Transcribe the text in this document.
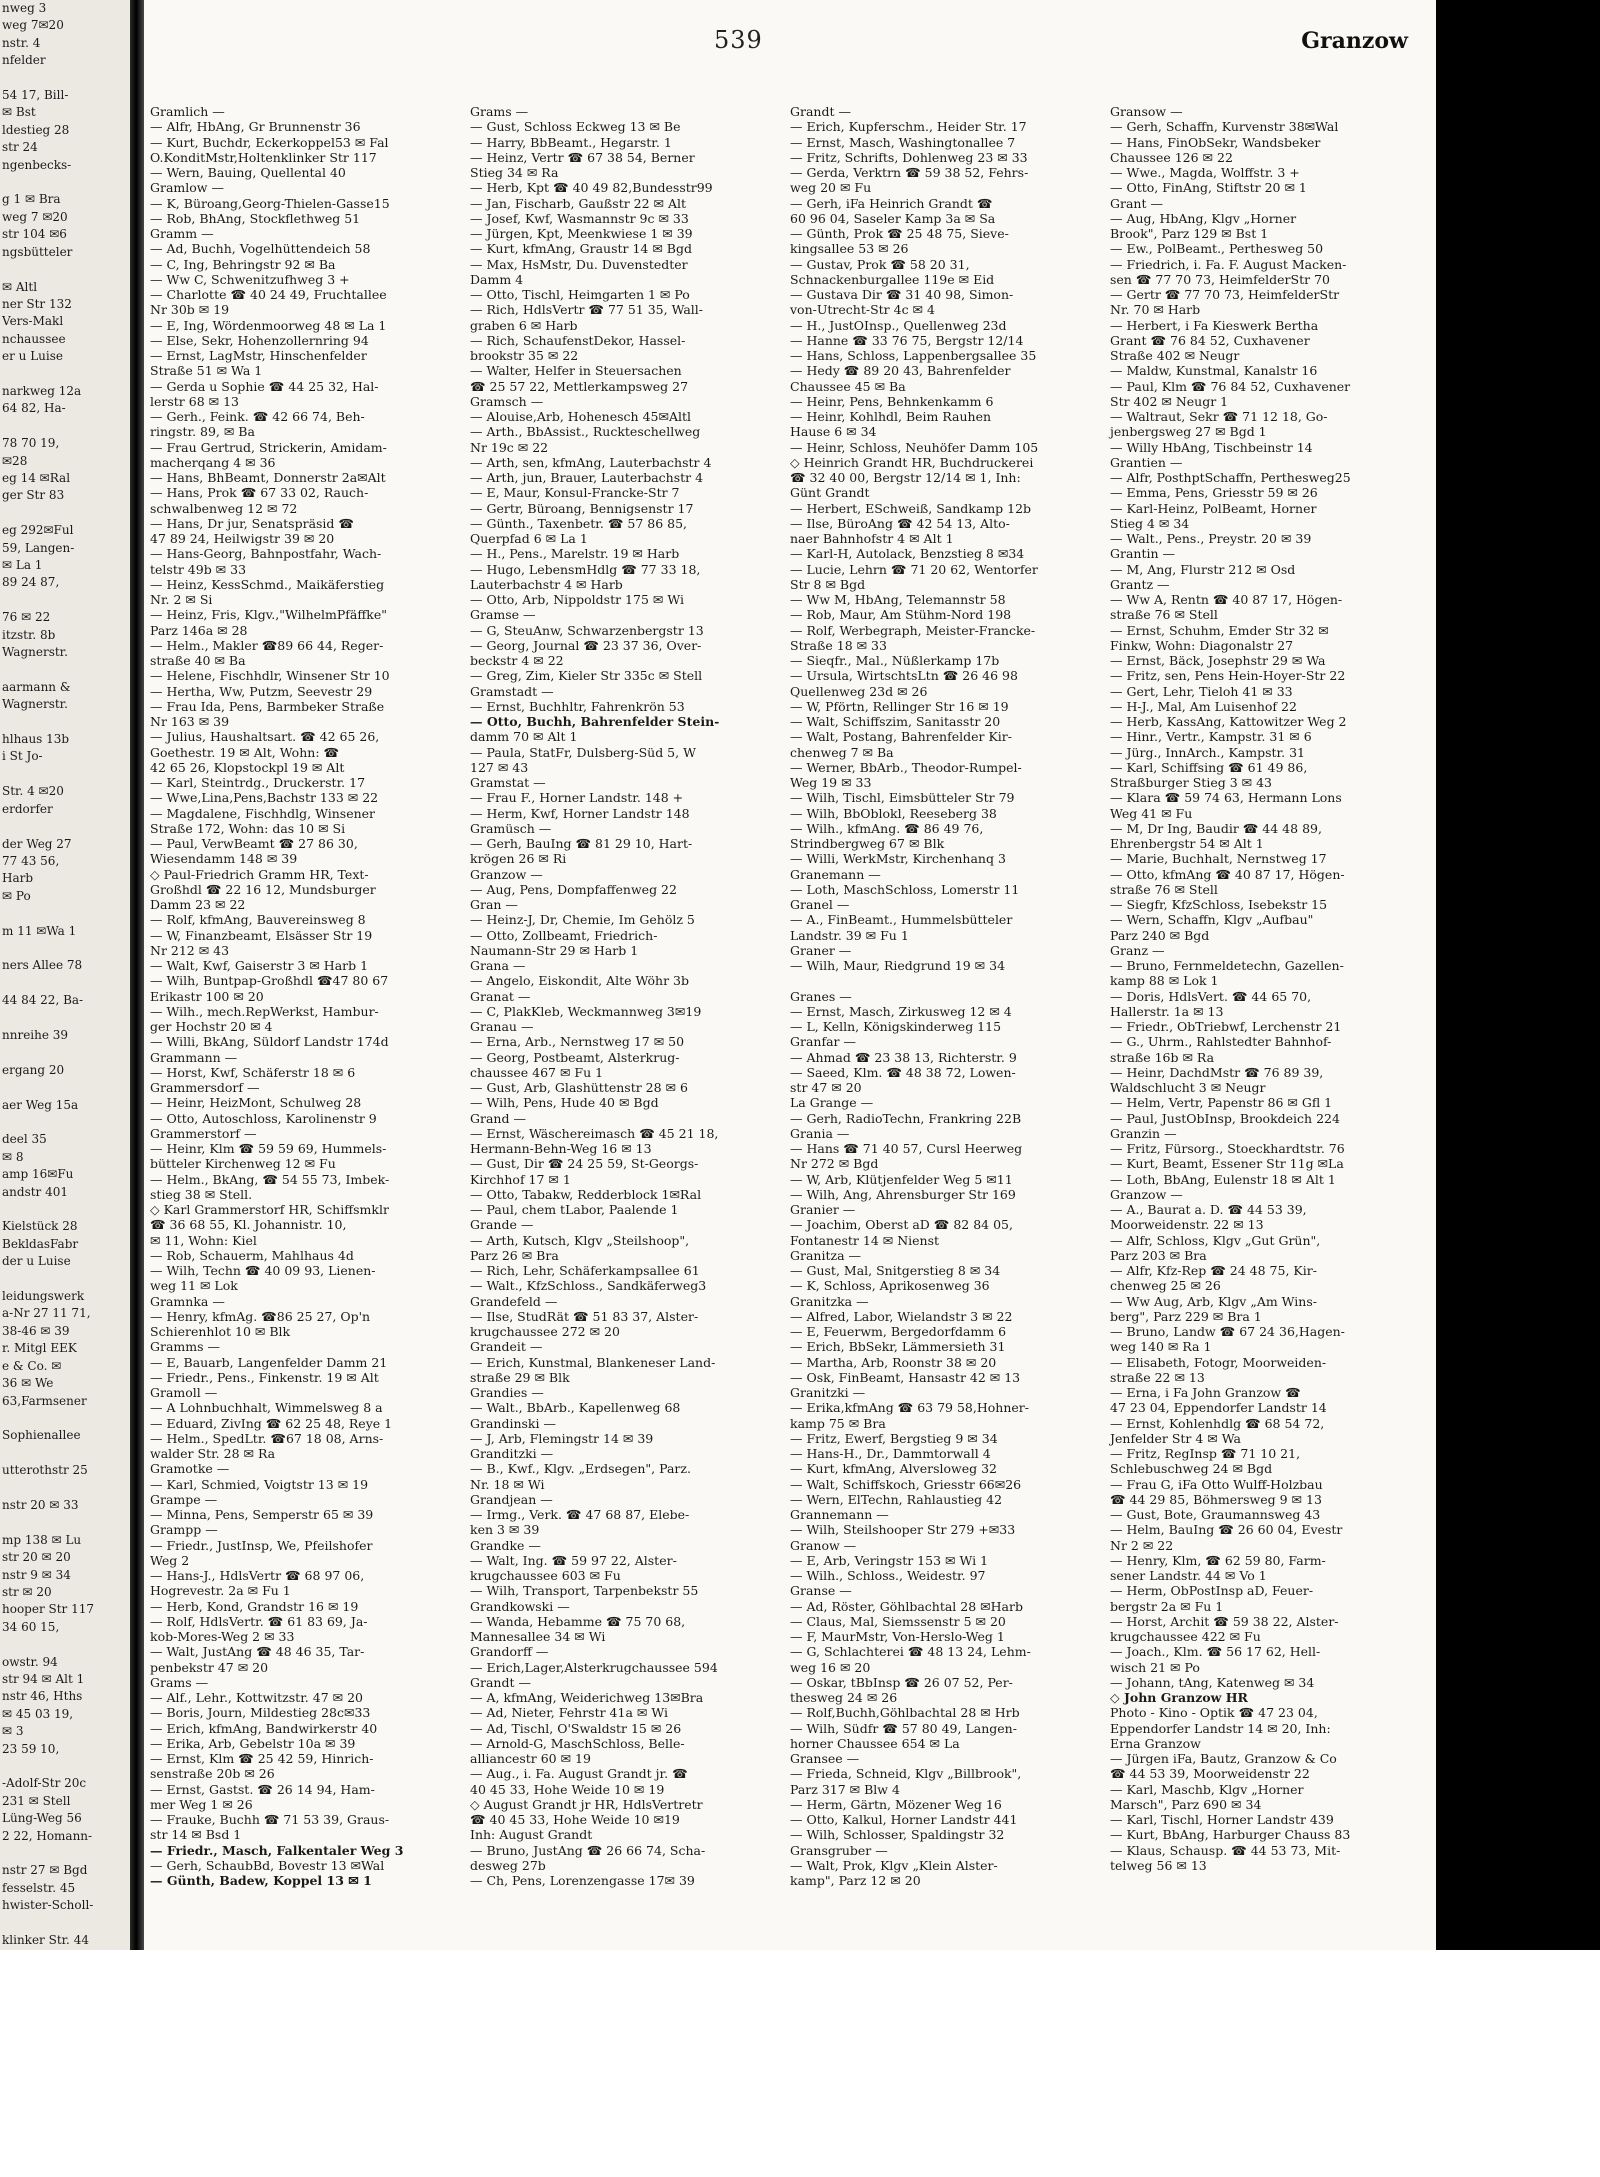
nweg 3
weg 7✉20
nstr. 4
nfelder

54 17, Bill-
✉ Bst
ldestieg 28
str 24
ngenbecks-

g 1 ✉ Bra
weg 7 ✉20
str 104 ✉6
ngsbütteler

✉ Altl
ner Str 132
Vers-Makl
nchaussee
er u Luise

narkweg 12a
64 82, Ha-

78 70 19,
✉28
eg 14 ✉Ral
ger Str 83

eg 292✉Ful
59, Langen-
✉ La 1
89 24 87,

76 ✉ 22
itzstr. 8b
Wagnerstr.

aarmann &
Wagnerstr.

hlhaus 13b
i St Jo-

Str. 4 ✉20
erdorfer

der Weg 27
77 43 56,
Harb
✉ Po

m 11 ✉Wa 1

ners Allee 78

44 84 22, Ba-

nnreihe 39

ergang 20

aer Weg 15a

deel 35
✉ 8
amp 16✉Fu
andstr 401

Kielstück 28
BekldasFabr
der u Luise

leidungswerk
a-Nr 27 11 71,
38-46 ✉ 39
r. Mitgl EEK
e & Co. ✉
36 ✉ We
63,Farmsener

Sophienallee

utterothstr 25

nstr 20 ✉ 33

mp 138 ✉ Lu
str 20 ✉ 20
nstr 9 ✉ 34
str ✉ 20
hooper Str 117
34 60 15,

owstr. 94
str 94 ✉ Alt 1
nstr 46, Hths
✉ 45 03 19,
✉ 3
23 59 10,

-Adolf-Str 20c
231 ✉ Stell
Lüng-Weg 56
2 22, Homann-

nstr 27 ✉ Bgd
fesselstr. 45
hwister-Scholl-

klinker Str. 44
539	Granzow
Gramlich —
— Alfr, HbAng, Gr Brunnenstr 36
— Kurt, Buchdr, Eckerkoppel53 ✉ Fal
O.KonditMstr,Holtenklinker Str 117
— Wern, Bauing, Quellental 40
Gramlow —
— K, Büroang,Georg-Thielen-Gasse15
— Rob, BhAng, Stockflethweg 51
Gramm —
— Ad, Buchh, Vogelhüttendeich 58
— C, Ing, Behringstr 92 ✉ Ba
— Ww C, Schwenitzufhweg 3 +
— Charlotte ☎ 40 24 49, Fruchtallee
Nr 30b ✉ 19
— E, Ing, Wördenmoorweg 48 ✉ La 1
— Else, Sekr, Hohenzollernring 94
— Ernst, LagMstr, Hinschenfelder
Straße 51 ✉ Wa 1
— Gerda u Sophie ☎ 44 25 32, Hal-
lerstr 68 ✉ 13
— Gerh., Feink. ☎ 42 66 74, Beh-
ringstr. 89, ✉ Ba
— Frau Gertrud, Strickerin, Amidam-
macherqang 4 ✉ 36
— Hans, BhBeamt, Donnerstr 2a✉Alt
— Hans, Prok ☎ 67 33 02, Rauch-
schwalbenweg 12 ✉ 72
— Hans, Dr jur, Senatspräsid ☎
47 89 24, Heilwigstr 39 ✉ 20
— Hans-Georg, Bahnpostfahr, Wach-
telstr 49b ✉ 33
— Heinz, KessSchmd., Maikäferstieg
Nr. 2 ✉ Si
— Heinz, Fris, Klgv.,"WilhelmPfäffke"
Parz 146a ✉ 28
— Helm., Makler ☎89 66 44, Reger-
straße 40 ✉ Ba
— Helene, Fischhdlr, Winsener Str 10
— Hertha, Ww, Putzm, Seevestr 29
— Frau Ida, Pens, Barmbeker Straße
Nr 163 ✉ 39
— Julius, Haushaltsart. ☎ 42 65 26,
Goethestr. 19 ✉ Alt, Wohn: ☎
42 65 26, Klopstockpl 19 ✉ Alt
— Karl, Steintrdg., Druckerstr. 17
— Wwe,Lina,Pens,Bachstr 133 ✉ 22
— Magdalene, Fischhdlg, Winsener
Straße 172, Wohn: das 10 ✉ Si
— Paul, VerwBeamt ☎ 27 86 30,
Wiesendamm 148 ✉ 39
◇ Paul-Friedrich Gramm HR, Text-
Großhdl ☎ 22 16 12, Mundsburger
Damm 23 ✉ 22
— Rolf, kfmAng, Bauvereinsweg 8
— W, Finanzbeamt, Elsässer Str 19
Nr 212 ✉ 43
— Walt, Kwf, Gaiserstr 3 ✉ Harb 1
— Wilh, Buntpap-Großhdl ☎47 80 67
Erikastr 100 ✉ 20
— Wilh., mech.RepWerkst, Hambur-
ger Hochstr 20 ✉ 4
— Willi, BkAng, Süldorf Landstr 174d
Grammann —
— Horst, Kwf, Schäferstr 18 ✉ 6
Grammersdorf —
— Heinr, HeizMont, Schulweg 28
— Otto, Autoschloss, Karolinenstr 9
Grammerstorf —
— Heinr, Klm ☎ 59 59 69, Hummels-
bütteler Kirchenweg 12 ✉ Fu
— Helm., BkAng, ☎ 54 55 73, Imbek-
stieg 38 ✉ Stell.
◇ Karl Grammerstorf HR, Schiffsmklr
☎ 36 68 55, Kl. Johannistr. 10,
✉ 11, Wohn: Kiel
— Rob, Schauerm, Mahlhaus 4d
— Wilh, Techn ☎ 40 09 93, Lienen-
weg 11 ✉ Lok
Gramnka —
— Henry, kfmAg. ☎86 25 27, Op'n
Schierenhlot 10 ✉ Blk
Gramms —
— E, Bauarb, Langenfelder Damm 21
— Friedr., Pens., Finkenstr. 19 ✉ Alt
Gramoll —
— A Lohnbuchhalt, Wimmelsweg 8 a
— Eduard, ZivIng ☎ 62 25 48, Reye 1
— Helm., SpedLtr. ☎67 18 08, Arns-
walder Str. 28 ✉ Ra
Gramotke —
— Karl, Schmied, Voigtstr 13 ✉ 19
Grampe —
— Minna, Pens, Semperstr 65 ✉ 39
Grampp —
— Friedr., JustInsp, We, Pfeilshofer
Weg 2
— Hans-J., HdlsVertr ☎ 68 97 06,
Hogrevestr. 2a ✉ Fu 1
— Herb, Kond, Grandstr 16 ✉ 19
— Rolf, HdlsVertr. ☎ 61 83 69, Ja-
kob-Mores-Weg 2 ✉ 33
— Walt, JustAng ☎ 48 46 35, Tar-
penbekstr 47 ✉ 20
Grams —
— Alf., Lehr., Kottwitzstr. 47 ✉ 20
— Boris, Journ, Mildestieg 28c✉33
— Erich, kfmAng, Bandwirkerstr 40
— Erika, Arb, Gebelstr 10a ✉ 39
— Ernst, Klm ☎ 25 42 59, Hinrich-
senstraße 20b ✉ 26
— Ernst, Gastst. ☎ 26 14 94, Ham-
mer Weg 1 ✉ 26
— Frauke, Buchh ☎ 71 53 39, Graus-
str 14 ✉ Bsd 1
— Friedr., Masch, Falkentaler Weg 3
— Gerh, SchaubBd, Bovestr 13 ✉Wal
— Günth, Badew, Koppel 13 ✉ 1
Grams —
— Gust, Schloss Eckweg 13 ✉ Be
— Harry, BbBeamt., Hegarstr. 1
— Heinz, Vertr ☎ 67 38 54, Berner
Stieg 34 ✉ Ra
— Herb, Kpt ☎ 40 49 82,Bundesstr99
— Jan, Fischarb, Gaußstr 22 ✉ Alt
— Josef, Kwf, Wasmannstr 9c ✉ 33
— Jürgen, Kpt, Meenkwiese 1 ✉ 39
— Kurt, kfmAng, Graustr 14 ✉ Bgd
— Max, HsMstr, Du. Duvenstedter
Damm 4
— Otto, Tischl, Heimgarten 1 ✉ Po
— Rich, HdlsVertr ☎ 77 51 35, Wall-
graben 6 ✉ Harb
— Rich, SchaufenstDekor, Hassel-
brookstr 35 ✉ 22
— Walter, Helfer in Steuersachen
☎ 25 57 22, Mettlerkampsweg 27
Gramsch —
— Alouise,Arb, Hohenesch 45✉Altl
— Arth., BbAssist., Ruckteschellweg
Nr 19c ✉ 22
— Arth, sen, kfmAng, Lauterbachstr 4
— Arth, jun, Brauer, Lauterbachstr 4
— E, Maur, Konsul-Francke-Str 7
— Gertr, Büroang, Bennigsenstr 17
— Günth., Taxenbetr. ☎ 57 86 85,
Querpfad 6 ✉ La 1
— H., Pens., Marelstr. 19 ✉ Harb
— Hugo, LebensmHdlg ☎ 77 33 18,
Lauterbachstr 4 ✉ Harb
— Otto, Arb, Nippoldstr 175 ✉ Wi
Gramse —
— G, SteuAnw, Schwarzenbergstr 13
— Georg, Journal ☎ 23 37 36, Over-
beckstr 4 ✉ 22
— Greg, Zim, Kieler Str 335c ✉ Stell
Gramstadt —
— Ernst, Buchhltr, Fahrenkrön 53
— Otto, Buchh, Bahrenfelder Stein-
damm 70 ✉ Alt 1
— Paula, StatFr, Dulsberg-Süd 5, W
127 ✉ 43
Gramstat —
— Frau F., Horner Landstr. 148 +
— Herm, Kwf, Horner Landstr 148
Gramüsch —
— Gerh, BauIng ☎ 81 29 10, Hart-
krögen 26 ✉ Ri
Granzow —
— Aug, Pens, Dompfaffenweg 22
Gran —
— Heinz-J, Dr, Chemie, Im Gehölz 5
— Otto, Zollbeamt, Friedrich-
Naumann-Str 29 ✉ Harb 1
Grana —
— Angelo, Eiskondit, Alte Wöhr 3b
Granat —
— C, PlakKleb, Weckmannweg 3✉19
Granau —
— Erna, Arb., Nernstweg 17 ✉ 50
— Georg, Postbeamt, Alsterkrug-
chaussee 467 ✉ Fu 1
— Gust, Arb, Glashüttenstr 28 ✉ 6
— Wilh, Pens, Hude 40 ✉ Bgd
Grand —
— Ernst, Wäschereimasch ☎ 45 21 18,
Hermann-Behn-Weg 16 ✉ 13
— Gust, Dir ☎ 24 25 59, St-Georgs-
Kirchhof 17 ✉ 1
— Otto, Tabakw, Redderblock 1✉Ral
— Paul, chem tLabor, Paalende 1
Grande —
— Arth, Kutsch, Klgv „Steilshoop",
Parz 26 ✉ Bra
— Rich, Lehr, Schäferkampsallee 61
— Walt., KfzSchloss., Sandkäferweg3
Grandefeld —
— Ilse, StudRät ☎ 51 83 37, Alster-
krugchaussee 272 ✉ 20
Grandeit —
— Erich, Kunstmal, Blankeneser Land-
straße 29 ✉ Blk
Grandies —
— Walt., BbArb., Kapellenweg 68
Grandinski —
— J, Arb, Flemingstr 14 ✉ 39
Granditzki —
— B., Kwf., Klgv. „Erdsegen", Parz.
Nr. 18 ✉ Wi
Grandjean —
— Irmg., Verk. ☎ 47 68 87, Elebe-
ken 3 ✉ 39
Grandke —
— Walt, Ing. ☎ 59 97 22, Alster-
krugchaussee 603 ✉ Fu
— Wilh, Transport, Tarpenbekstr 55
Grandkowski —
— Wanda, Hebamme ☎ 75 70 68,
Mannesallee 34 ✉ Wi
Grandorff —
— Erich,Lager,Alsterkrugchaussee 594
Grandt —
— A, kfmAng, Weiderichweg 13✉Bra
— Ad, Nieter, Fehrstr 41a ✉ Wi
— Ad, Tischl, O'Swaldstr 15 ✉ 26
— Arnold-G, MaschSchloss, Belle-
alliancestr 60 ✉ 19
— Aug., i. Fa. August Grandt jr. ☎
40 45 33, Hohe Weide 10 ✉ 19
◇ August Grandt jr HR, HdlsVertretr
☎ 40 45 33, Hohe Weide 10 ✉19
Inh: August Grandt
— Bruno, JustAng ☎ 26 66 74, Scha-
desweg 27b
— Ch, Pens, Lorenzengasse 17✉ 39
Grandt —
— Erich, Kupferschm., Heider Str. 17
— Ernst, Masch, Washingtonallee 7
— Fritz, Schrifts, Dohlenweg 23 ✉ 33
— Gerda, Verktrn ☎ 59 38 52, Fehrs-
weg 20 ✉ Fu
— Gerh, iFa Heinrich Grandt ☎
60 96 04, Saseler Kamp 3a ✉ Sa
— Günth, Prok ☎ 25 48 75, Sieve-
kingsallee 53 ✉ 26
— Gustav, Prok ☎ 58 20 31,
Schnackenburgallee 119e ✉ Eid
— Gustava Dir ☎ 31 40 98, Simon-
von-Utrecht-Str 4c ✉ 4
— H., JustOInsp., Quellenweg 23d
— Hanne ☎ 33 76 75, Bergstr 12/14
— Hans, Schloss, Lappenbergsallee 35
— Hedy ☎ 89 20 43, Bahrenfelder
Chaussee 45 ✉ Ba
— Heinr, Pens, Behnkenkamm 6
— Heinr, Kohlhdl, Beim Rauhen
Hause 6 ✉ 34
— Heinr, Schloss, Neuhöfer Damm 105
◇ Heinrich Grandt HR, Buchdruckerei
☎ 32 40 00, Bergstr 12/14 ✉ 1, Inh:
Günt Grandt
— Herbert, ESchweiß, Sandkamp 12b
— Ilse, BüroAng ☎ 42 54 13, Alto-
naer Bahnhofstr 4 ✉ Alt 1
— Karl-H, Autolack, Benzstieg 8 ✉34
— Lucie, Lehrn ☎ 71 20 62, Wentorfer
Str 8 ✉ Bgd
— Ww M, HbAng, Telemannstr 58
— Rob, Maur, Am Stühm-Nord 198
— Rolf, Werbegraph, Meister-Francke-
Straße 18 ✉ 33
— Sieqfr., Mal., Nüßlerkamp 17b
— Ursula, WirtschtsLtn ☎ 26 46 98
Quellenweg 23d ✉ 26
— W, Pförtn, Rellinger Str 16 ✉ 19
— Walt, Schiffszim, Sanitasstr 20
— Walt, Postang, Bahrenfelder Kir-
chenweg 7 ✉ Ba
— Werner, BbArb., Theodor-Rumpel-
Weg 19 ✉ 33
— Wilh, Tischl, Eimsbütteler Str 79
— Wilh, BbOblokl, Reeseberg 38
— Wilh., kfmAng. ☎ 86 49 76,
Strindbergweg 67 ✉ Blk
— Willi, WerkMstr, Kirchenhanq 3
Granemann —
— Loth, MaschSchloss, Lomerstr 11
Granel —
— A., FinBeamt., Hummelsbütteler
Landstr. 39 ✉ Fu 1
Graner —
— Wilh, Maur, Riedgrund 19 ✉ 34

Granes —
— Ernst, Masch, Zirkusweg 12 ✉ 4
— L, Kelln, Königskinderweg 115
Granfar —
— Ahmad ☎ 23 38 13, Richterstr. 9
— Saeed, Klm. ☎ 48 38 72, Lowen-
str 47 ✉ 20
La Grange —
— Gerh, RadioTechn, Frankring 22B
Grania —
— Hans ☎ 71 40 57, Cursl Heerweg
Nr 272 ✉ Bgd
— W, Arb, Klütjenfelder Weg 5 ✉11
— Wilh, Ang, Ahrensburger Str 169
Granier —
— Joachim, Oberst aD ☎ 82 84 05,
Fontanestr 14 ✉ Nienst
Granitza —
— Gust, Mal, Snitgerstieg 8 ✉ 34
— K, Schloss, Aprikosenweg 36
Granitzka —
— Alfred, Labor, Wielandstr 3 ✉ 22
— E, Feuerwm, Bergedorfdamm 6
— Erich, BbSekr, Lämmersieth 31
— Martha, Arb, Roonstr 38 ✉ 20
— Osk, FinBeamt, Hansastr 42 ✉ 13
Granitzki —
— Erika,kfmAng ☎ 63 79 58,Hohner-
kamp 75 ✉ Bra
— Fritz, Ewerf, Bergstieg 9 ✉ 34
— Hans-H., Dr., Dammtorwall 4
— Kurt, kfmAng, Alversloweg 32
— Walt, Schiffskoch, Griesstr 66✉26
— Wern, ElTechn, Rahlaustieg 42
Grannemann —
— Wilh, Steilshooper Str 279 +✉33
Granow —
— E, Arb, Veringstr 153 ✉ Wi 1
— Wilh., Schloss., Weidestr. 97
Granse —
— Ad, Röster, Göhlbachtal 28 ✉Harb
— Claus, Mal, Siemssenstr 5 ✉ 20
— F, MaurMstr, Von-Herslo-Weg 1
— G, Schlachterei ☎ 48 13 24, Lehm-
weg 16 ✉ 20
— Oskar, tBbInsp ☎ 26 07 52, Per-
thesweg 24 ✉ 26
— Rolf,Buchh,Göhlbachtal 28 ✉ Hrb
— Wilh, Südfr ☎ 57 80 49, Langen-
horner Chaussee 654 ✉ La
Gransee —
— Frieda, Schneid, Klgv „Billbrook",
Parz 317 ✉ Blw 4
— Herm, Gärtn, Mözener Weg 16
— Otto, Kalkul, Horner Landstr 441
— Wilh, Schlosser, Spaldingstr 32
Gransgruber —
— Walt, Prok, Klgv „Klein Alster-
kamp", Parz 12 ✉ 20
Gransow —
— Gerh, Schaffn, Kurvenstr 38✉Wal
— Hans, FinObSekr, Wandsbeker
Chaussee 126 ✉ 22
— Wwe., Magda, Wolffstr. 3 +
— Otto, FinAng, Stiftstr 20 ✉ 1
Grant —
— Aug, HbAng, Klgv „Horner
Brook", Parz 129 ✉ Bst 1
— Ew., PolBeamt., Perthesweg 50
— Friedrich, i. Fa. F. August Macken-
sen ☎ 77 70 73, HeimfelderStr 70
— Gertr ☎ 77 70 73, HeimfelderStr
Nr. 70 ✉ Harb
— Herbert, i Fa Kieswerk Bertha
Grant ☎ 76 84 52, Cuxhavener
Straße 402 ✉ Neugr
— Maldw, Kunstmal, Kanalstr 16
— Paul, Klm ☎ 76 84 52, Cuxhavener
Str 402 ✉ Neugr 1
— Waltraut, Sekr ☎ 71 12 18, Go-
jenbergsweg 27 ✉ Bgd 1
— Willy HbAng, Tischbeinstr 14
Grantien —
— Alfr, PosthptSchaffn, Perthesweg25
— Emma, Pens, Griesstr 59 ✉ 26
— Karl-Heinz, PolBeamt, Horner
Stieg 4 ✉ 34
— Walt., Pens., Preystr. 20 ✉ 39
Grantin —
— M, Ang, Flurstr 212 ✉ Osd
Grantz —
— Ww A, Rentn ☎ 40 87 17, Högen-
straße 76 ✉ Stell
— Ernst, Schuhm, Emder Str 32 ✉
Finkw, Wohn: Diagonalstr 27
— Ernst, Bäck, Josephstr 29 ✉ Wa
— Fritz, sen, Pens Hein-Hoyer-Str 22
— Gert, Lehr, Tieloh 41 ✉ 33
— H-J., Mal, Am Luisenhof 22
— Herb, KassAng, Kattowitzer Weg 2
— Hinr., Vertr., Kampstr. 31 ✉ 6
— Jürg., InnArch., Kampstr. 31
— Karl, Schiffsing ☎ 61 49 86,
Straßburger Stieg 3 ✉ 43
— Klara ☎ 59 74 63, Hermann Lons
Weg 41 ✉ Fu
— M, Dr Ing, Baudir ☎ 44 48 89,
Ehrenbergstr 54 ✉ Alt 1
— Marie, Buchhalt, Nernstweg 17
— Otto, kfmAng ☎ 40 87 17, Högen-
straße 76 ✉ Stell
— Siegfr, KfzSchloss, Isebekstr 15
— Wern, Schaffn, Klgv „Aufbau"
Parz 240 ✉ Bgd
Granz —
— Bruno, Fernmeldetechn, Gazellen-
kamp 88 ✉ Lok 1
— Doris, HdlsVert. ☎ 44 65 70,
Hallerstr. 1a ✉ 13
— Friedr., ObTriebwf, Lerchenstr 21
— G., Uhrm., Rahlstedter Bahnhof-
straße 16b ✉ Ra
— Heinr, DachdMstr ☎ 76 89 39,
Waldschlucht 3 ✉ Neugr
— Helm, Vertr, Papenstr 86 ✉ Gfl 1
— Paul, JustObInsp, Brookdeich 224
Granzin —
— Fritz, Fürsorg., Stoeckhardtstr. 76
— Kurt, Beamt, Essener Str 11g ✉La
— Loth, BbAng, Eulenstr 18 ✉ Alt 1
Granzow —
— A., Baurat a. D. ☎ 44 53 39,
Moorweidenstr. 22 ✉ 13
— Alfr, Schloss, Klgv „Gut Grün",
Parz 203 ✉ Bra
— Alfr, Kfz-Rep ☎ 24 48 75, Kir-
chenweg 25 ✉ 26
— Ww Aug, Arb, Klgv „Am Wins-
berg", Parz 229 ✉ Bra 1
— Bruno, Landw ☎ 67 24 36,Hagen-
weg 140 ✉ Ra 1
— Elisabeth, Fotogr, Moorweiden-
straße 22 ✉ 13
— Erna, i Fa John Granzow ☎
47 23 04, Eppendorfer Landstr 14
— Ernst, Kohlenhdlg ☎ 68 54 72,
Jenfelder Str 4 ✉ Wa
— Fritz, RegInsp ☎ 71 10 21,
Schlebuschweg 24 ✉ Bgd
— Frau G, iFa Otto Wulff-Holzbau
☎ 44 29 85, Böhmersweg 9 ✉ 13
— Gust, Bote, Graumannsweg 43
— Helm, BauIng ☎ 26 60 04, Evestr
Nr 2 ✉ 22
— Henry, Klm, ☎ 62 59 80, Farm-
sener Landstr. 44 ✉ Vo 1
— Herm, ObPostInsp aD, Feuer-
bergstr 2a ✉ Fu 1
— Horst, Archit ☎ 59 38 22, Alster-
krugchaussee 422 ✉ Fu
— Joach., Klm. ☎ 56 17 62, Hell-
wisch 21 ✉ Po
— Johann, tAng, Katenweg ✉ 34
◇ John Granzow HR
Photo - Kino - Optik ☎ 47 23 04,
Eppendorfer Landstr 14 ✉ 20, Inh:
Erna Granzow
— Jürgen iFa, Bautz, Granzow & Co
☎ 44 53 39, Moorweidenstr 22
— Karl, Maschb, Klgv „Horner
Marsch", Parz 690 ✉ 34
— Karl, Tischl, Horner Landstr 439
— Kurt, BbAng, Harburger Chauss 83
— Klaus, Schausp. ☎ 44 53 73, Mit-
telweg 56 ✉ 13
